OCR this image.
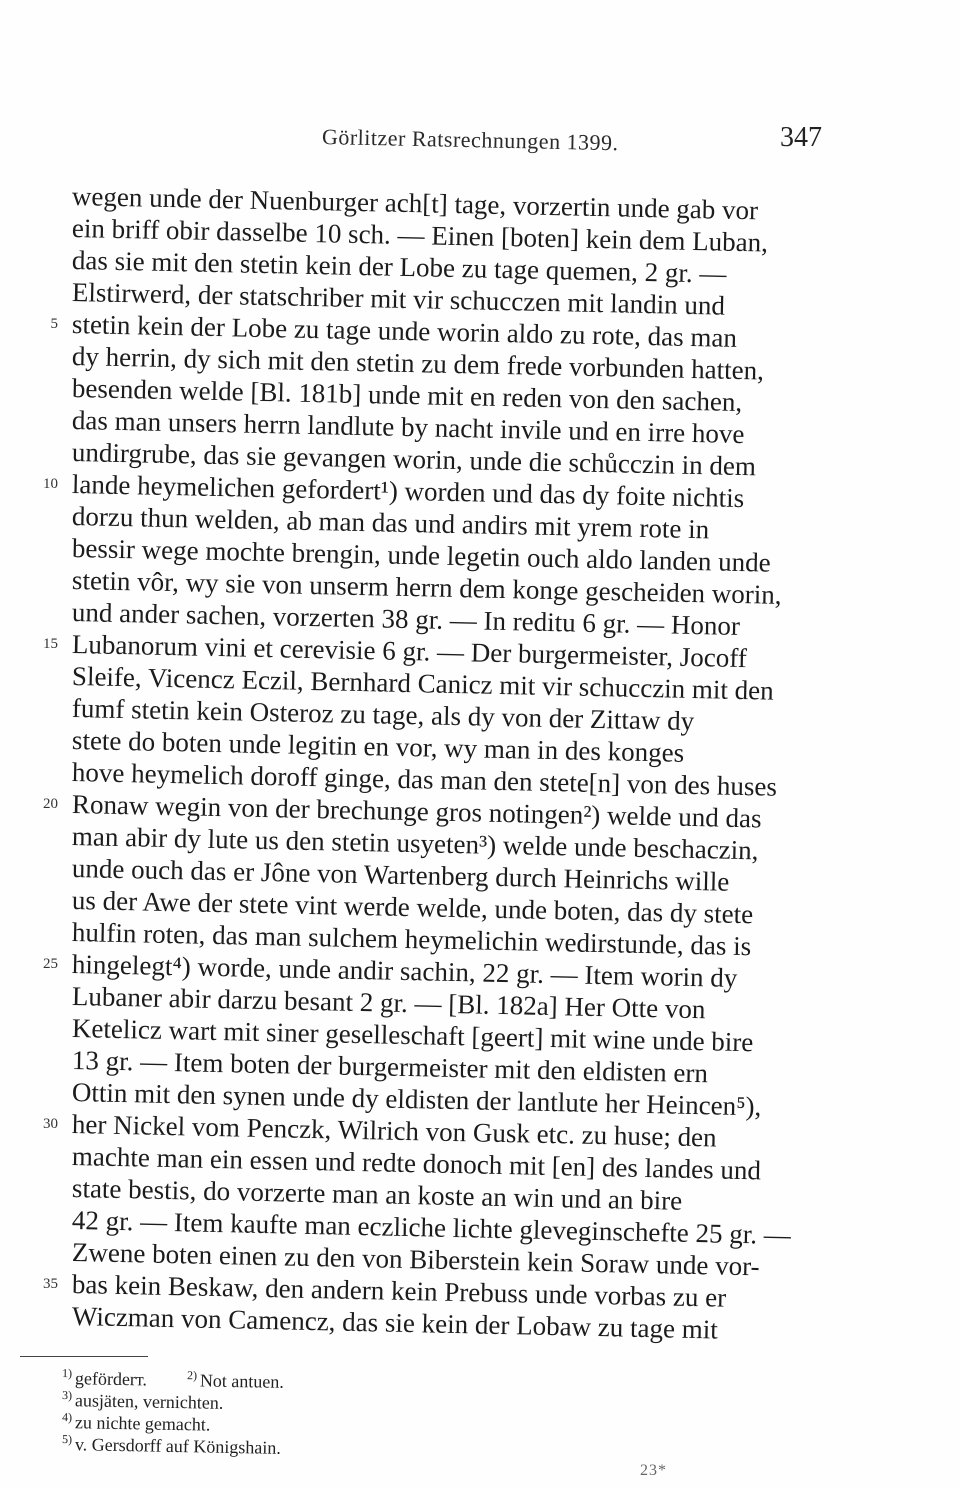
Görlitzer Ratsrechnungen 1399.	347
wegen unde der Nuenburger ach[t] tage, vorzertin unde gab vor
ein briff obir dasselbe 10 sch. — Einen [boten] kein dem Luban,
das sie mit den stetin kein der Lobe zu tage quemen, 2 gr. —
Elstirwerd, der statschriber mit vir schucczen mit landin und
stetin kein der Lobe zu tage unde worin aldo zu rote, das man
dy herrin, dy sich mit den stetin zu dem frede vorbunden hatten,
besenden welde [Bl. 181b] unde mit en reden von den sachen,
das man unsers herrn landlute by nacht invile und en irre hove
undirgrube, das sie gevangen worin, unde die schůcczin in dem
lande heymelichen gefordert¹) worden und das dy foite nichtis
dorzu thun welden, ab man das und andirs mit yrem rote in
bessir wege mochte brengin, unde legetin ouch aldo landen unde
stetin vôr, wy sie von unserm herrn dem konge gescheiden worin,
und ander sachen, vorzerten 38 gr. — In reditu 6 gr. — Honor
Lubanorum vini et cerevisie 6 gr. — Der burgermeister, Jocoff
Sleife, Vicencz Eczil, Bernhard Canicz mit vir schucczin mit den
fumf stetin kein Osteroz zu tage, als dy von der Zittaw dy
stete do boten unde legitin en vor, wy man in des konges
hove heymelich doroff ginge, das man den stete[n] von des huses
Ronaw wegin von der brechunge gros notingen²) welde und das
man abir dy lute us den stetin usyeten³) welde unde beschaczin,
unde ouch das er Jône von Wartenberg durch Heinrichs wille
us der Awe der stete vint werde welde, unde boten, das dy stete
hulfin roten, das man sulchem heymelichin wedirstunde, das is
hingelegt⁴) worde, unde andir sachin, 22 gr. — Item worin dy
Lubaner abir darzu besant 2 gr. — [Bl. 182a] Her Otte von
Ketelicz wart mit siner geselleschaft [geert] mit wine unde bire
13 gr. — Item boten der burgermeister mit den eldisten ern
Ottin mit den synen unde dy eldisten der lantlute her Heincen⁵),
her Nickel vom Penczk, Wilrich von Gusk etc. zu huse; den
machte man ein essen und redte donoch mit [en] des landes und
state bestis, do vorzerte man an koste an win und an bire
42 gr. — Item kaufte man eczliche lichte gleveginschefte 25 gr. —
Zwene boten einen zu den von Biberstein kein Soraw unde vor-
bas kein Beskaw, den andern kein Prebuss unde vorbas zu er
Wiczman von Camencz, das sie kein der Lobaw zu tage mit
5
10
15
20
25
30
35
$^{1)}$ geförderт.	$^{2)}$ Not antuen.
$^{3)}$ ausjäten, vernichten.
$^{4)}$ zu nichte gemacht.
$^{5)}$ v. Gersdorff auf Königshain.
23*
